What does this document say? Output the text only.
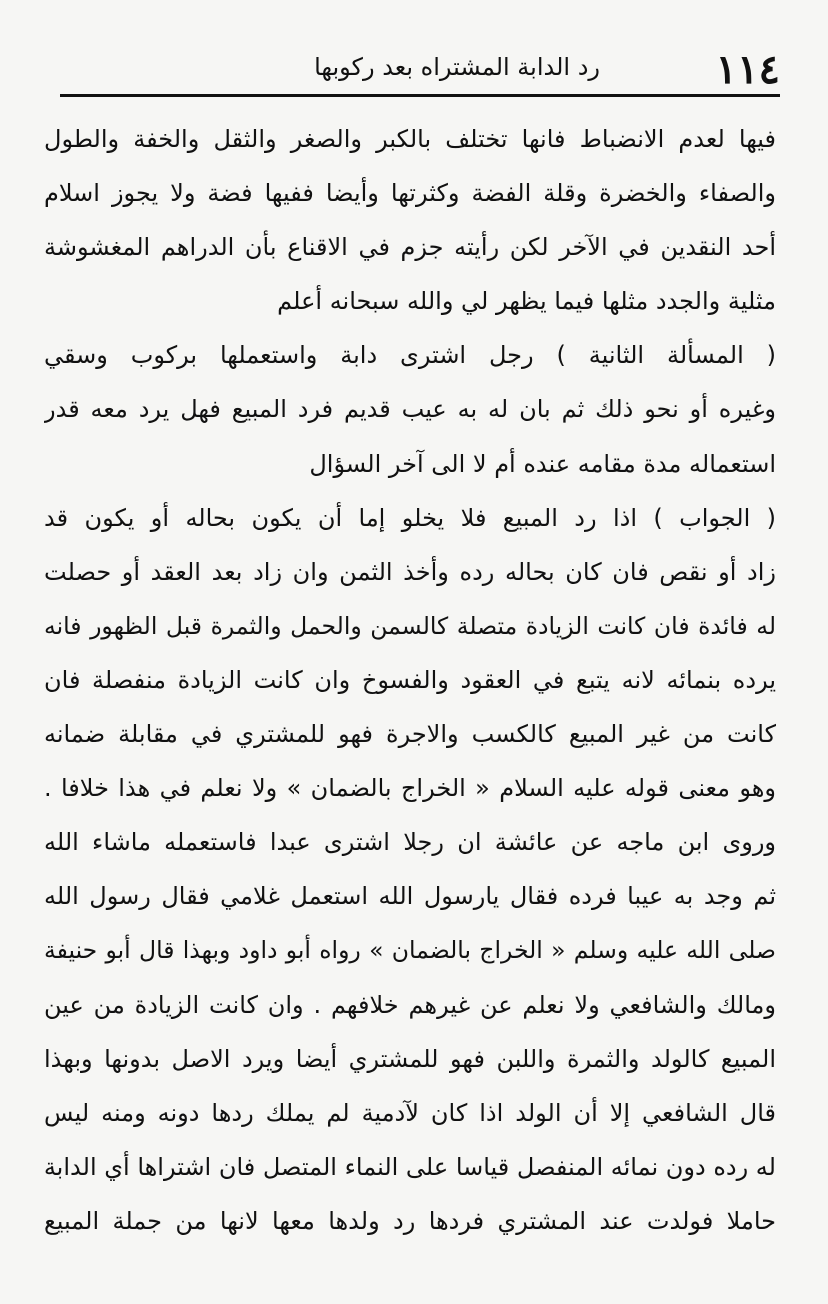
١١٤
رد الدابة المشتراه بعد ركوبها
فيها لعدم الانضباط فانها تختلف بالكبر والصغر والثقل والخفة والطول
والصفاء والخضرة وقلة الفضة وكثرتها وأيضا ففيها فضة ولا يجوز اسلام
أحد النقدين في الآخر لكن رأيته جزم في الاقناع بأن الدراهم المغشوشة
مثلية والجدد مثلها فيما يظهر لي والله سبحانه أعلم
( المسألة الثانية ) رجل اشترى دابة واستعملها بركوب وسقي
وغيره أو نحو ذلك ثم بان له به عيب قديم فرد المبيع فهل يرد معه قدر
استعماله مدة مقامه عنده أم لا الى آخر السؤال
( الجواب ) اذا رد المبيع فلا يخلو إما أن يكون بحاله أو يكون قد
زاد أو نقص فان كان بحاله رده وأخذ الثمن وان زاد بعد العقد أو حصلت
له فائدة فان كانت الزيادة متصلة كالسمن والحمل والثمرة قبل الظهور فانه
يرده بنمائه لانه يتبع في العقود والفسوخ وان كانت الزيادة منفصلة فان
كانت من غير المبيع كالكسب والاجرة فهو للمشتري في مقابلة ضمانه
وهو معنى قوله عليه السلام « الخراج بالضمان » ولا نعلم في هذا خلافا .
وروى ابن ماجه عن عائشة ان رجلا اشترى عبدا فاستعمله ماشاء الله
ثم وجد به عيبا فرده فقال يارسول الله استعمل غلامي فقال رسول الله
صلى الله عليه وسلم « الخراج بالضمان » رواه أبو داود وبهذا قال أبو حنيفة
ومالك والشافعي ولا نعلم عن غيرهم خلافهم . وان كانت الزيادة من عين
المبيع كالولد والثمرة واللبن فهو للمشتري أيضا ويرد الاصل بدونها وبهذا
قال الشافعي إلا أن الولد اذا كان لآدمية لم يملك ردها دونه ومنه ليس
له رده دون نمائه المنفصل قياسا على النماء المتصل فان اشتراها أي الدابة
حاملا فولدت عند المشتري فردها رد ولدها معها لانها من جملة المبيع
